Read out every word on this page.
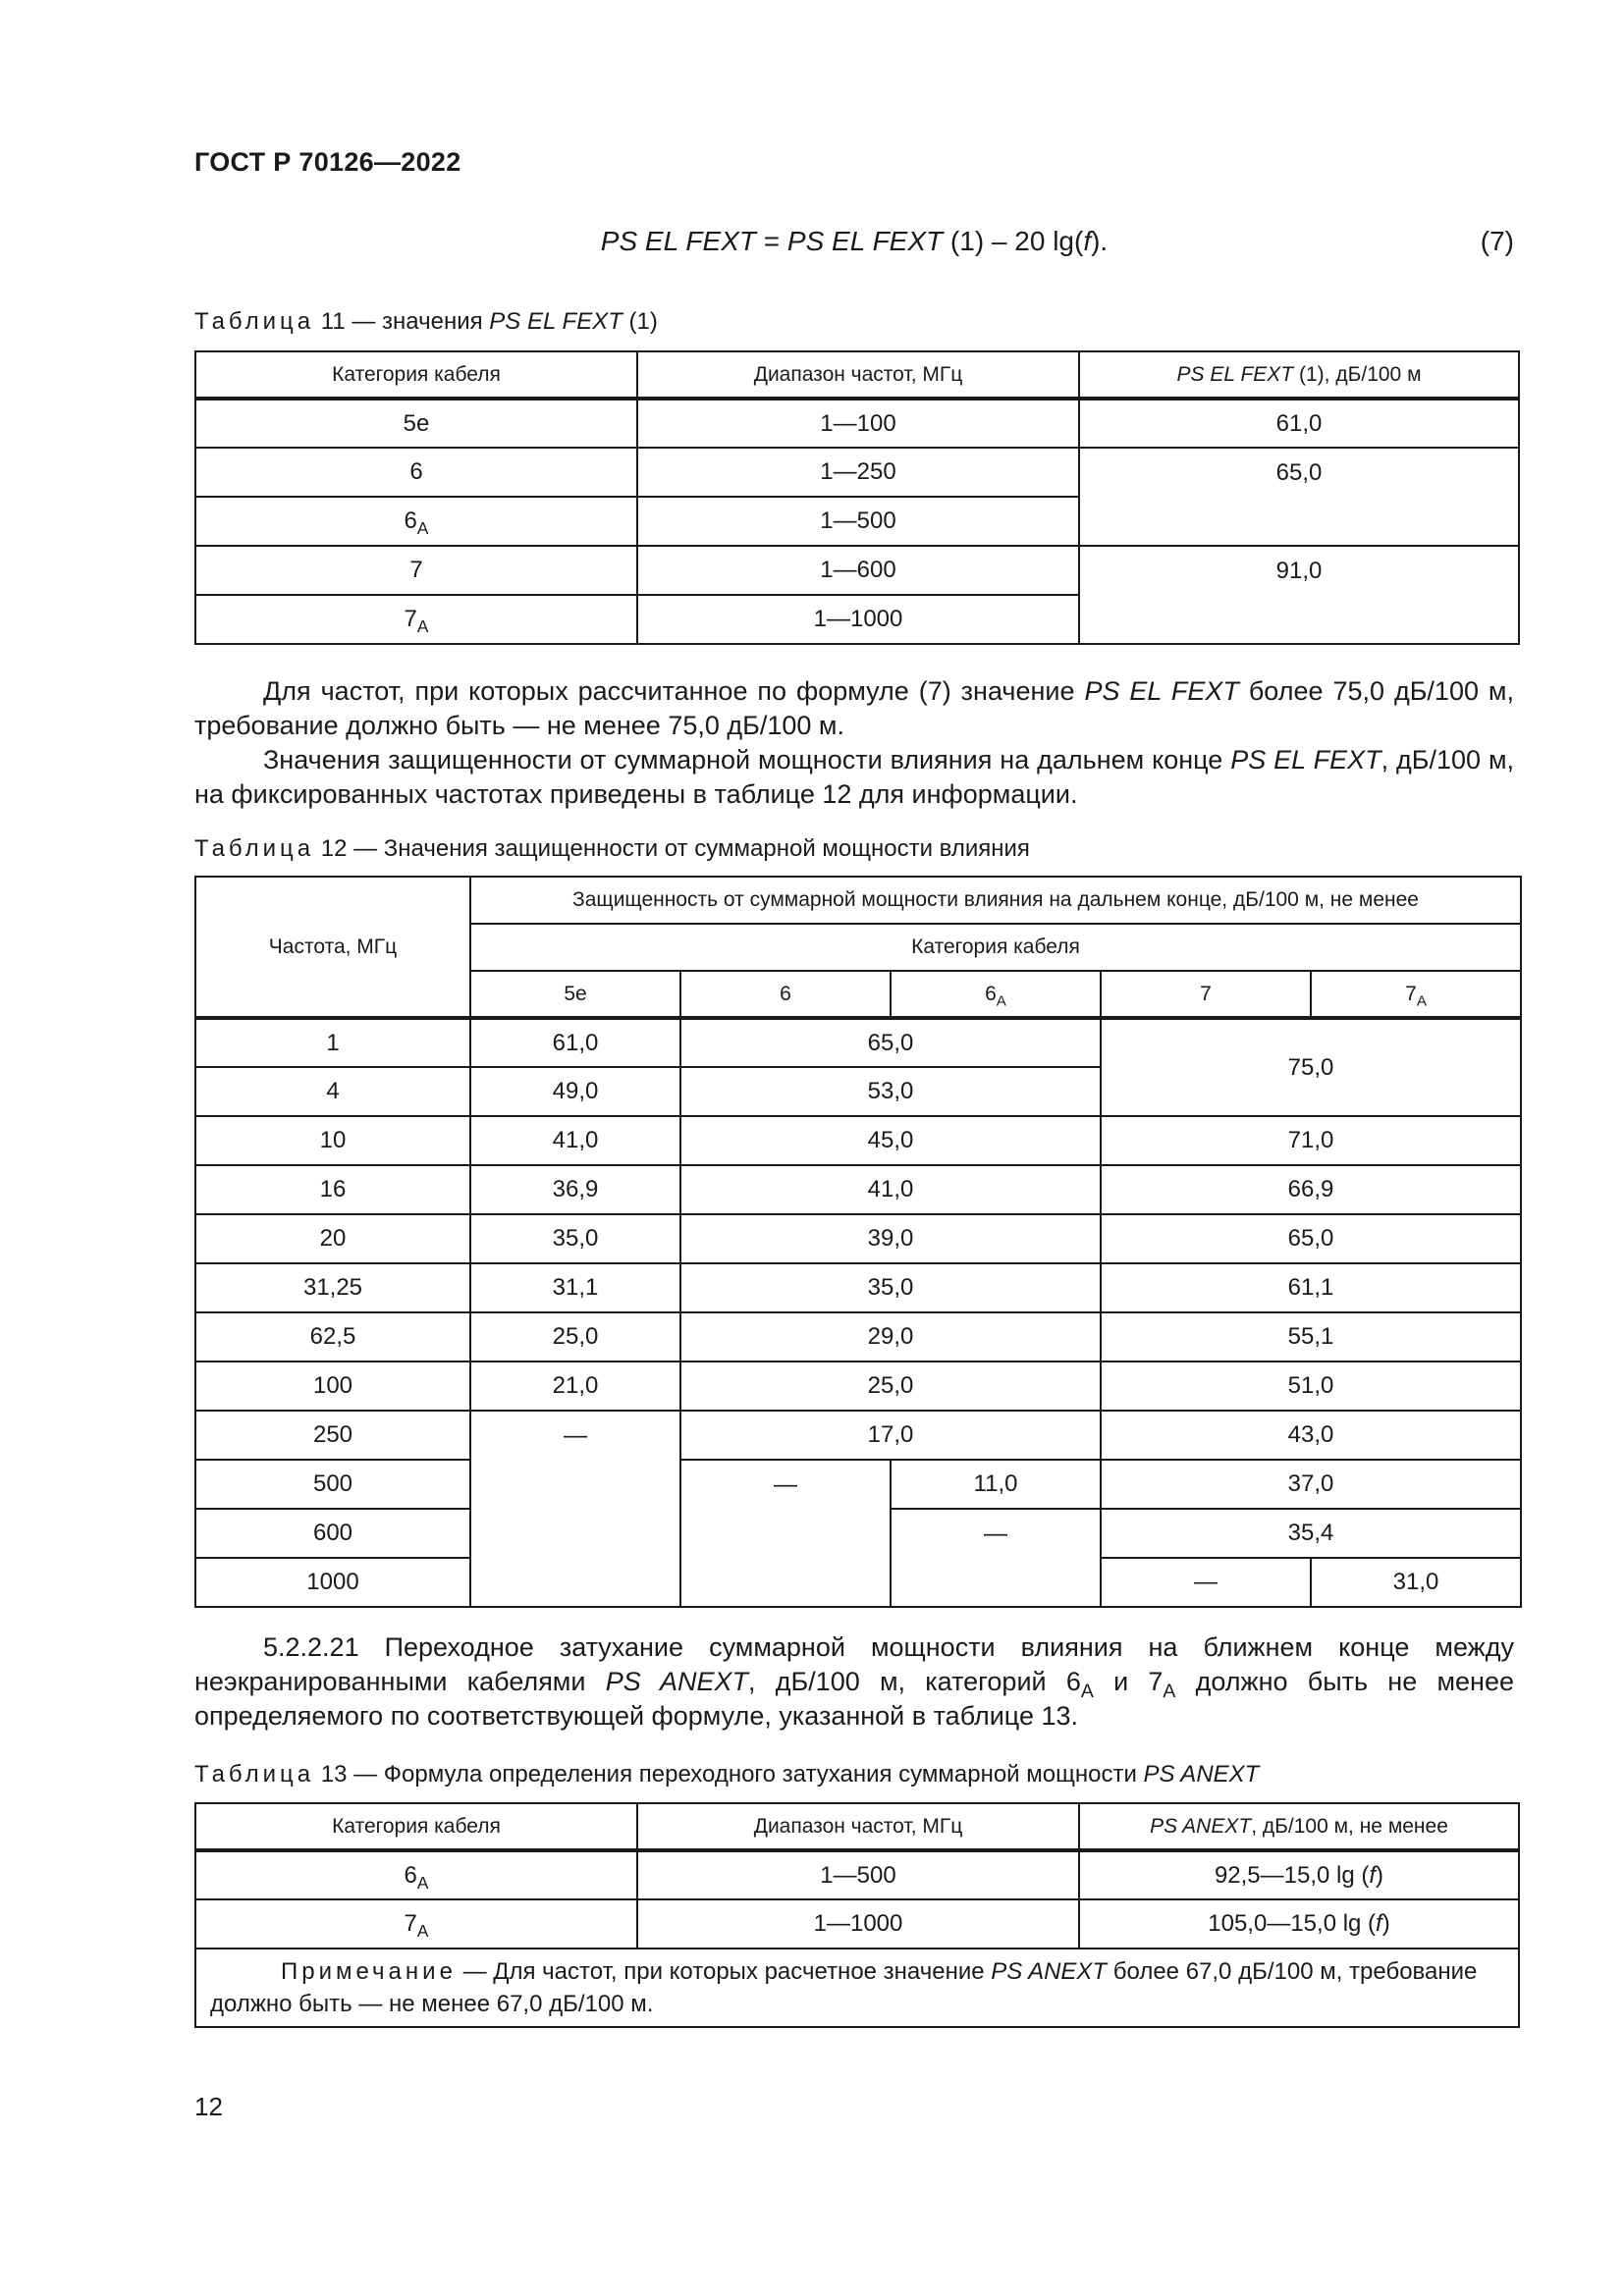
ГОСТ Р 70126—2022
PS EL FEXT = PS EL FEXT (1) – 20 lg(f).	(7)
Таблица 11 — значения PS EL FEXT (1)
Категория кабеля	Диапазон частот, МГц	PS EL FEXT (1), дБ/100 м
5e	1—100	61,0
6	1—250	65,0
$6_A$	1—500	
7	1—600	91,0
$7_A$	1—1000	

Для частот, при которых рассчитанное по формуле (7) значение PS EL FEXT более 75,0 дБ/100 м, требование должно быть — не менее 75,0 дБ/100 м.

Значения защищенности от суммарной мощности влияния на дальнем конце PS EL FEXT, дБ/100 м, на фиксированных частотах приведены в таблице 12 для информации.

Таблица 12 — Значения защищенности от суммарной мощности влияния
Частота, МГц	Защищенность от суммарной мощности влияния на дальнем конце, дБ/100 м, не менее				
	Категория кабеля				
	5e	6	$6_A$	7	$7_A$
1	61,0	65,0		75,0	
4	49,0	53,0			
10	41,0	45,0		71,0	
16	36,9	41,0		66,9	
20	35,0	39,0		65,0	
31,25	31,1	35,0		61,1	
62,5	25,0	29,0		55,1	
100	21,0	25,0		51,0	
250	—	17,0		43,0	
500		—	11,0	37,0	
600			—	35,4	
1000				—	31,0

5.2.2.21 Переходное затухание суммарной мощности влияния на ближнем конце между неэкранированными кабелями PS ANEXT, дБ/100 м, категорий $6_A$ и $7_A$ должно быть не менее определяемого по соответствующей формуле, указанной в таблице 13.

Таблица 13 — Формула определения переходного затухания суммарной мощности PS ANEXT
Категория кабеля	Диапазон частот, МГц	PS ANEXT, дБ/100 м, не менее
$6_A$	1—500	92,5—15,0 lg (f)
$7_A$	1—1000	105,0—15,0 lg (f)
Примечание — Для частот, при которых расчетное значение PS ANEXT более 67,0 дБ/100 м, требование должно быть — не менее 67,0 дБ/100 м.		
12
